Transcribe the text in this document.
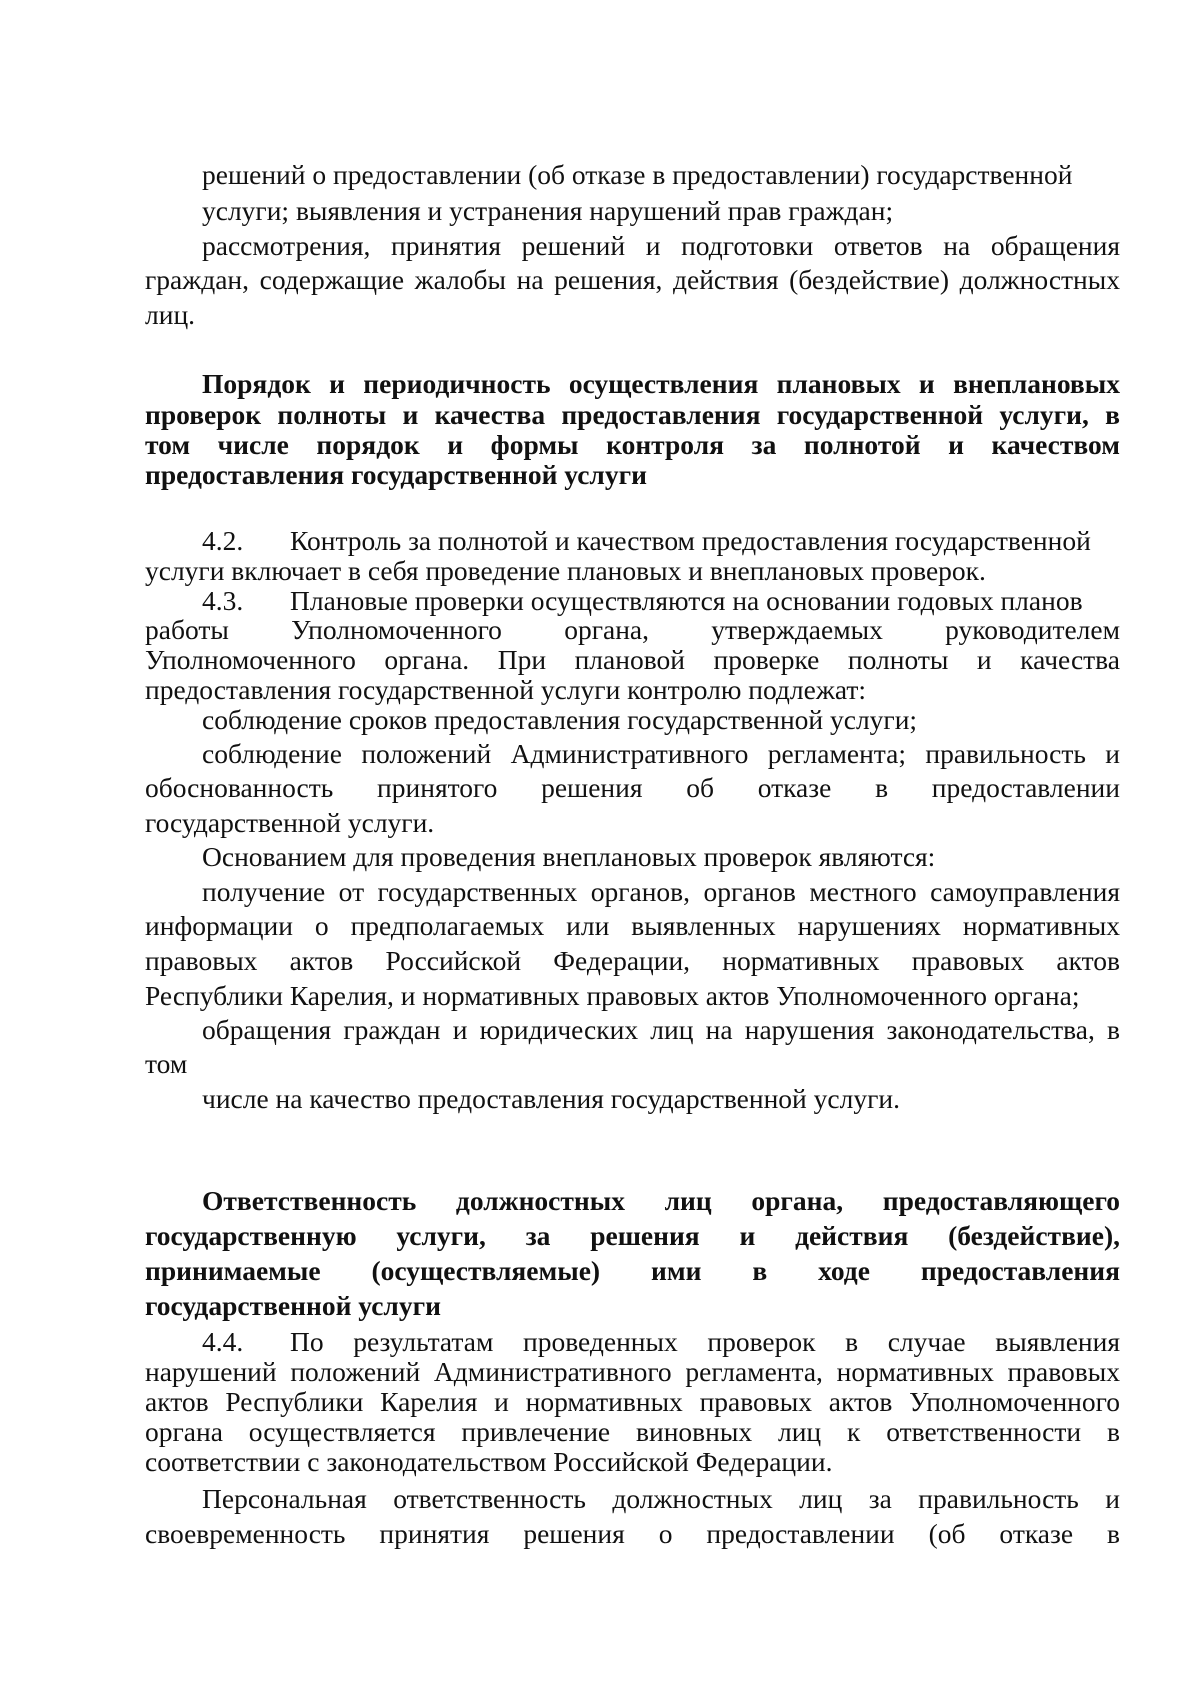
решений о предоставлении (об отказе в предоставлении) государственной
услуги; выявления и устранения нарушений прав граждан;
рассмотрения, принятия решений и подготовки ответов на обращения
граждан, содержащие жалобы на решения, действия (бездействие) должностных
лиц.
Порядок и периодичность осуществления плановых и внеплановых
проверок полноты и качества предоставления государственной услуги, в
том числе порядок и формы контроля за полнотой и качеством
предоставления государственной услуги
4.2. Контроль за полнотой и качеством предоставления государственной
услуги включает в себя проведение плановых и внеплановых проверок.
4.3. Плановые проверки осуществляются на основании годовых планов
работы Уполномоченного органа, утверждаемых руководителем
Уполномоченного органа. При плановой проверке полноты и качества
предоставления государственной услуги контролю подлежат:
соблюдение сроков предоставления государственной услуги;
соблюдение положений Административного регламента; правильность и
обоснованность принятого решения об отказе в предоставлении
государственной услуги.
Основанием для проведения внеплановых проверок являются:
получение от государственных органов, органов местного самоуправления
информации о предполагаемых или выявленных нарушениях нормативных
правовых актов Российской Федерации, нормативных правовых актов
Республики Карелия, и нормативных правовых актов Уполномоченного органа;
обращения граждан и юридических лиц на нарушения законодательства, в
том
числе на качество предоставления государственной услуги.
Ответственность должностных лиц органа, предоставляющего
государственную услуги, за решения и действия (бездействие),
принимаемые (осуществляемые) ими в ходе предоставления
государственной услуги
4.4.	По результатам проведенных проверок в случае выявления
нарушений положений Административного регламента, нормативных правовых
актов Республики Карелия и нормативных правовых актов Уполномоченного
органа осуществляется привлечение виновных лиц к ответственности в
соответствии с законодательством Российской Федерации.
Персональная ответственность должностных лиц за правильность и
своевременность принятия решения о предоставлении (об отказе в
